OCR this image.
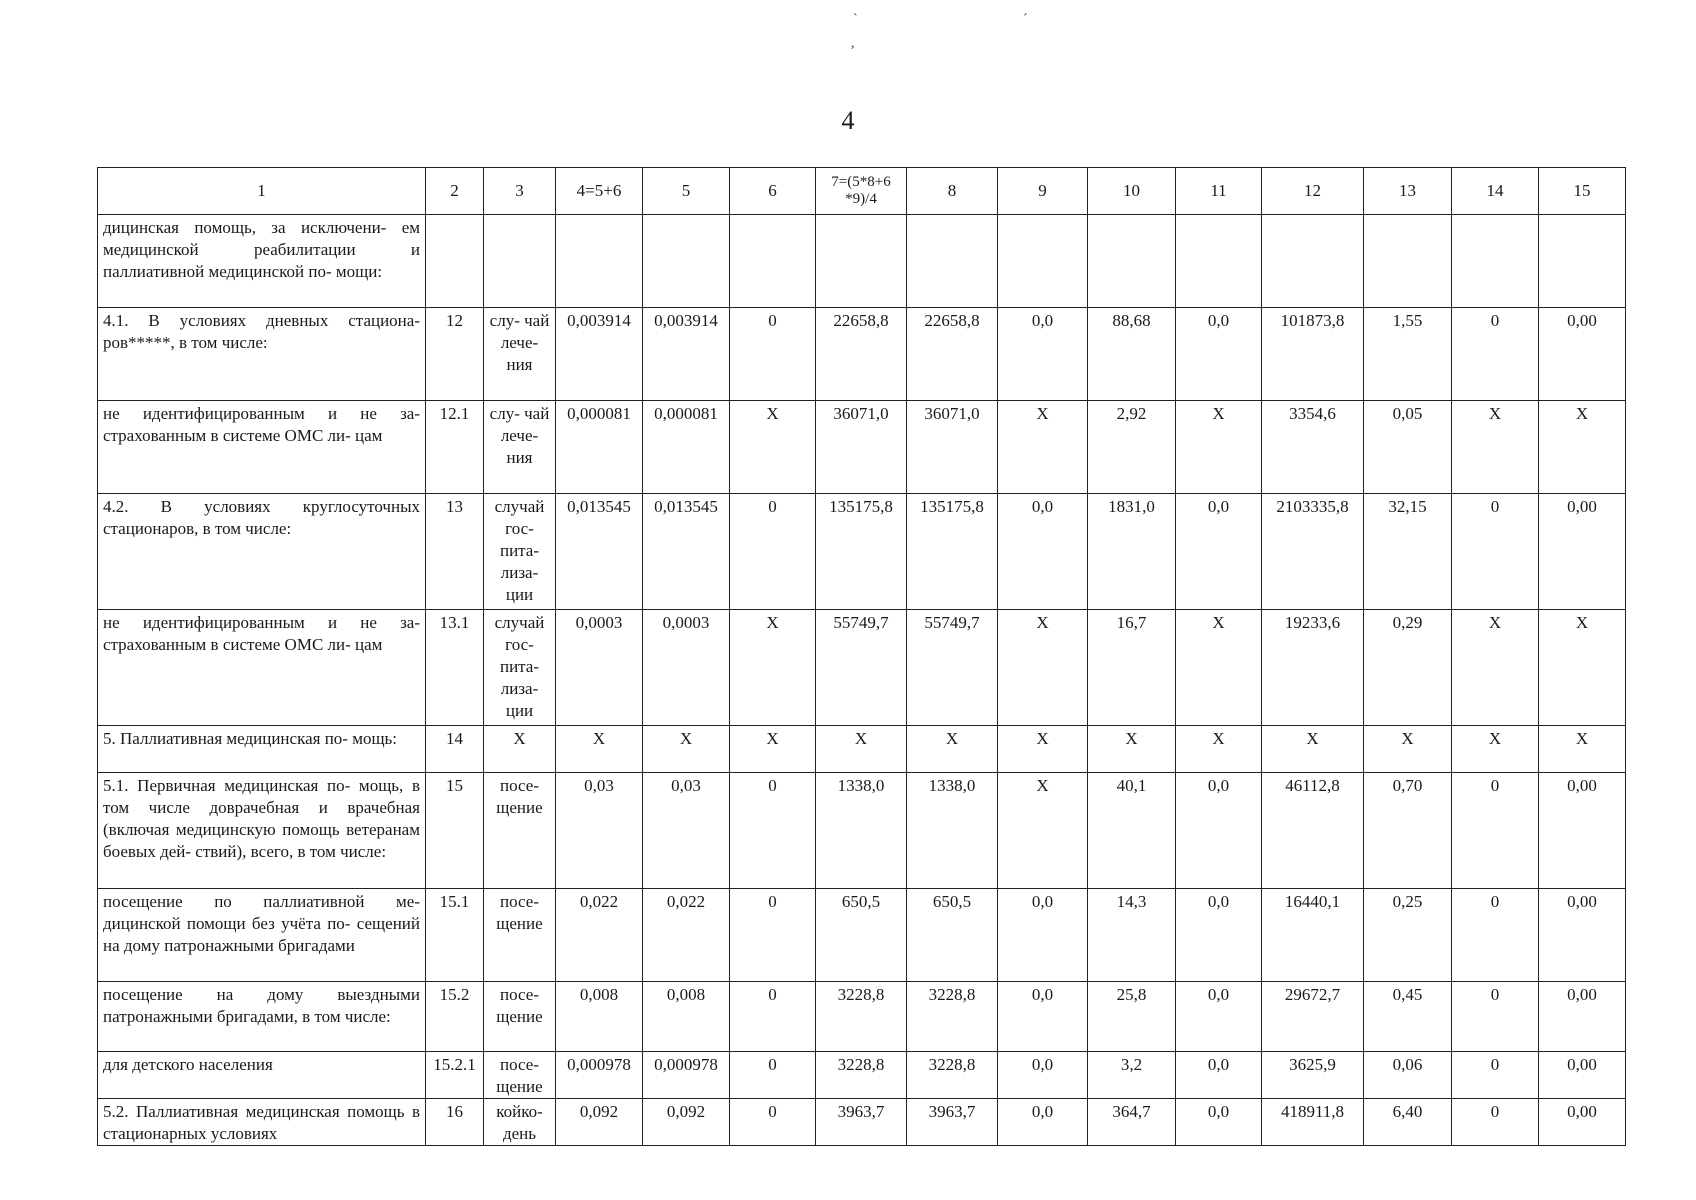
ˋ	ˊ
,
4
1	2	3	4=5+6	5	6	7=(5*8+6 *9)/4	8	9	10	11	12	13	14	15
дицинская помощь, за исключени- ем медицинской реабилитации и паллиативной медицинской по- мощи:														
4.1. В условиях дневных стациона- ров*****, в том числе:	12	слу- чай лече- ния	0,003914	0,003914	0	22658,8	22658,8	0,0	88,68	0,0	101873,8	1,55	0	0,00
не идентифицированным и не за- страхованным в системе ОМС ли- цам	12.1	слу- чай лече- ния	0,000081	0,000081	X	36071,0	36071,0	X	2,92	X	3354,6	0,05	X	X
4.2. В условиях круглосуточных стационаров, в том числе:	13	случай гос- пита- лиза- ции	0,013545	0,013545	0	135175,8	135175,8	0,0	1831,0	0,0	2103335,8	32,15	0	0,00
не идентифицированным и не за- страхованным в системе ОМС ли- цам	13.1	случай гос- пита- лиза- ции	0,0003	0,0003	X	55749,7	55749,7	X	16,7	X	19233,6	0,29	X	X
5. Паллиативная медицинская по- мощь:	14	X	X	X	X	X	X	X	X	X	X	X	X	X
5.1. Первичная медицинская по- мощь, в том числе доврачебная и врачебная (включая медицинскую помощь ветеранам боевых дей- ствий), всего, в том числе:	15	посе- щение	0,03	0,03	0	1338,0	1338,0	X	40,1	0,0	46112,8	0,70	0	0,00
посещение по паллиативной ме- дицинской помощи без учёта по- сещений на дому патронажными бригадами	15.1	посе- щение	0,022	0,022	0	650,5	650,5	0,0	14,3	0,0	16440,1	0,25	0	0,00
посещение на дому выездными патронажными бригадами, в том числе:	15.2	посе- щение	0,008	0,008	0	3228,8	3228,8	0,0	25,8	0,0	29672,7	0,45	0	0,00
для детского населения	15.2.1	посе- щение	0,000978	0,000978	0	3228,8	3228,8	0,0	3,2	0,0	3625,9	0,06	0	0,00
5.2. Паллиативная медицинская помощь в стационарных условиях	16	койко- день	0,092	0,092	0	3963,7	3963,7	0,0	364,7	0,0	418911,8	6,40	0	0,00
